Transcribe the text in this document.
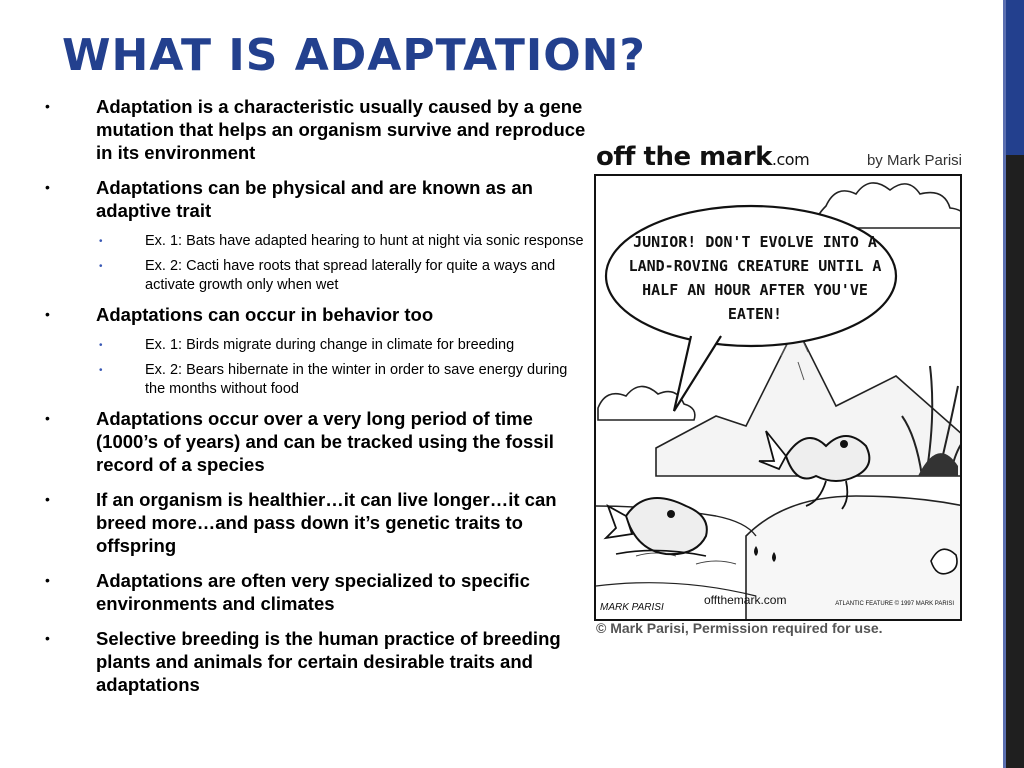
WHAT IS ADAPTATION?
•	Adaptation is a characteristic usually caused by a gene mutation that helps an organism survive and reproduce in its environment
•	Adaptations can be physical and are known as an adaptive trait
•	Ex. 1: Bats have adapted hearing to hunt at night via sonic response
•	Ex. 2: Cacti have roots that spread laterally for quite a ways and activate growth only when wet
•	Adaptations can occur in behavior too
•	Ex. 1: Birds migrate during change in climate for breeding
•	Ex. 2: Bears hibernate in the winter in order to save energy during the months without food
•	Adaptations occur over a very long period of time (1000’s of years) and can be tracked using the fossil record of a species
•	If an organism is healthier…it can live longer…it can breed more…and pass down it’s genetic traits to offspring
•	Adaptations are often very specialized to specific environments and climates
•	Selective breeding is the human practice of breeding plants and animals for certain desirable traits and adaptations
off the mark.com	by Mark Parisi
JUNIOR! DON'T EVOLVE INTO A LAND-ROVING CREATURE UNTIL A HALF AN HOUR AFTER YOU'VE EATEN!
MARK PARISI
offthemark.com	ATLANTIC FEATURE © 1997 MARK PARISI
© Mark Parisi, Permission required for use.
